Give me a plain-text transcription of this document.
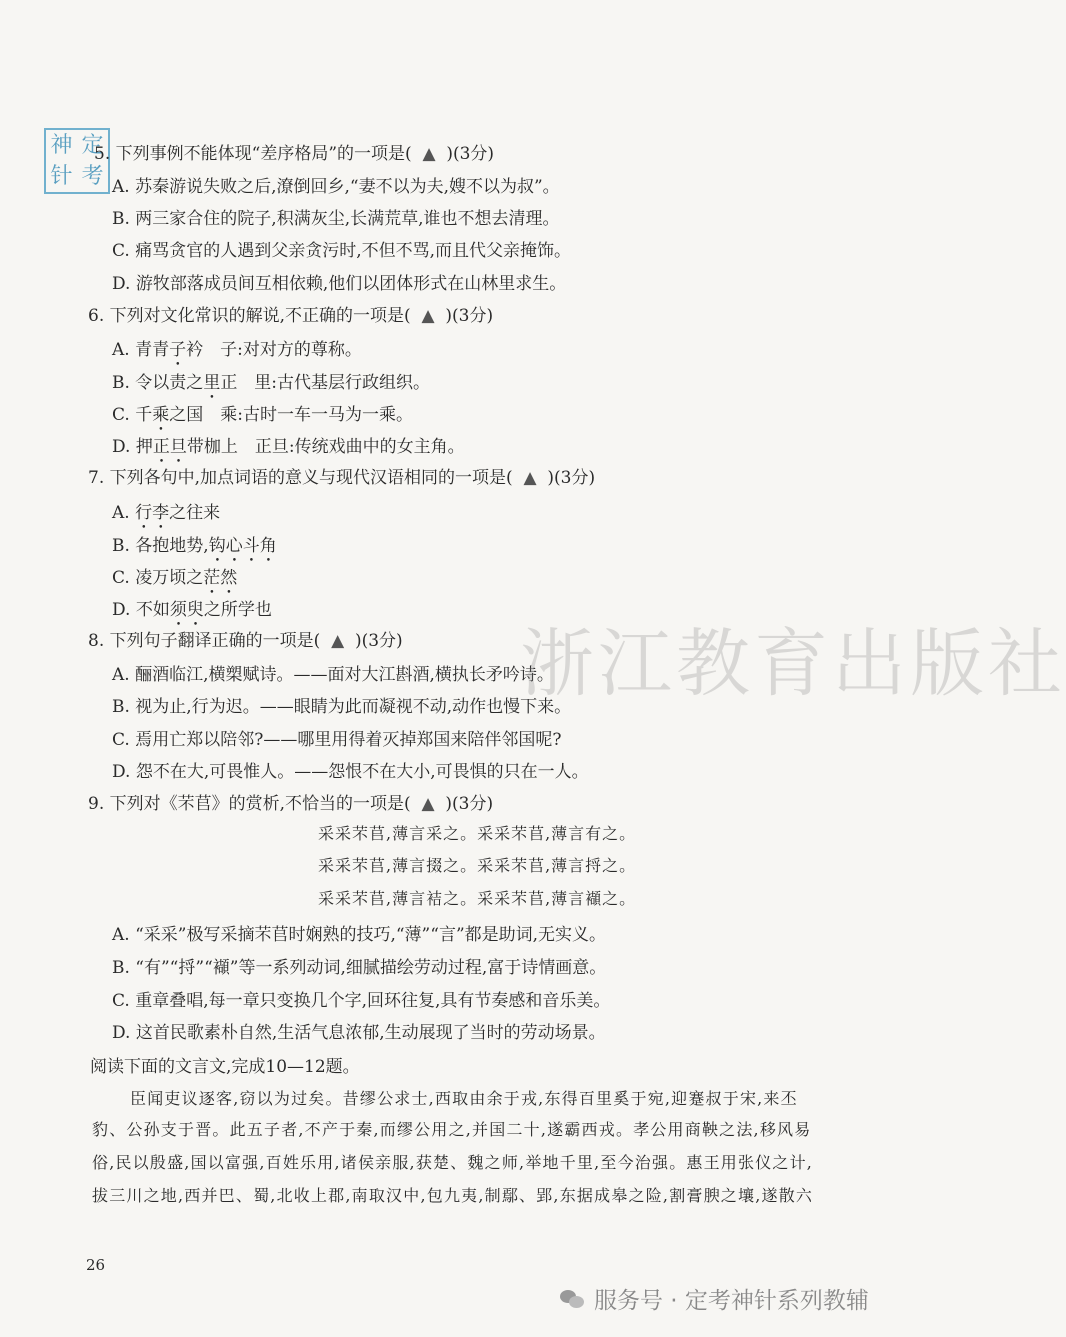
神 定
针 考
5. 下列事例不能体现“差序格局”的一项是( ▲ )(3分)
A. 苏秦游说失败之后,潦倒回乡,“妻不以为夫,嫂不以为叔”。
B. 两三家合住的院子,积满灰尘,长满荒草,谁也不想去清理。
C. 痛骂贪官的人遇到父亲贪污时,不但不骂,而且代父亲掩饰。
D. 游牧部落成员间互相依赖,他们以团体形式在山林里求生。
6. 下列对文化常识的解说,不正确的一项是( ▲ )(3分)
A. 青青子衿　子:对对方的尊称。
B. 令以责之里正　里:古代基层行政组织。
C. 千乘之国　乘:古时一车一马为一乘。
D. 押正旦带枷上　正旦:传统戏曲中的女主角。
7. 下列各句中,加点词语的意义与现代汉语相同的一项是( ▲ )(3分)
A. 行李之往来
B. 各抱地势,钩心斗角
C. 凌万顷之茫然
D. 不如须臾之所学也
8. 下列句子翻译正确的一项是( ▲ )(3分)
A. 酾酒临江,横槊赋诗。——面对大江斟酒,横执长矛吟诗。
B. 视为止,行为迟。——眼睛为此而凝视不动,动作也慢下来。
C. 焉用亡郑以陪邻?——哪里用得着灭掉郑国来陪伴邻国呢?
D. 怨不在大,可畏惟人。——怨恨不在大小,可畏惧的只在一人。
9. 下列对《芣苢》的赏析,不恰当的一项是( ▲ )(3分)
采采芣苢,薄言采之。采采芣苢,薄言有之。
采采芣苢,薄言掇之。采采芣苢,薄言捋之。
采采芣苢,薄言袺之。采采芣苢,薄言襭之。
A. “采采”极写采摘芣苢时娴熟的技巧,“薄”“言”都是助词,无实义。
B. “有”“捋”“襭”等一系列动词,细腻描绘劳动过程,富于诗情画意。
C. 重章叠唱,每一章只变换几个字,回环往复,具有节奏感和音乐美。
D. 这首民歌素朴自然,生活气息浓郁,生动展现了当时的劳动场景。
阅读下面的文言文,完成10—12题。
臣闻吏议逐客,窃以为过矣。昔缪公求士,西取由余于戎,东得百里奚于宛,迎蹇叔于宋,来丕
豹、公孙支于晋。此五子者,不产于秦,而缪公用之,并国二十,遂霸西戎。孝公用商鞅之法,移风易
俗,民以殷盛,国以富强,百姓乐用,诸侯亲服,获楚、魏之师,举地千里,至今治强。惠王用张仪之计,
拔三川之地,西并巴、蜀,北收上郡,南取汉中,包九夷,制鄢、郢,东据成皋之险,割膏腴之壤,遂散六
浙江教育出版社
26
服务号 · 定考神针系列教辅
